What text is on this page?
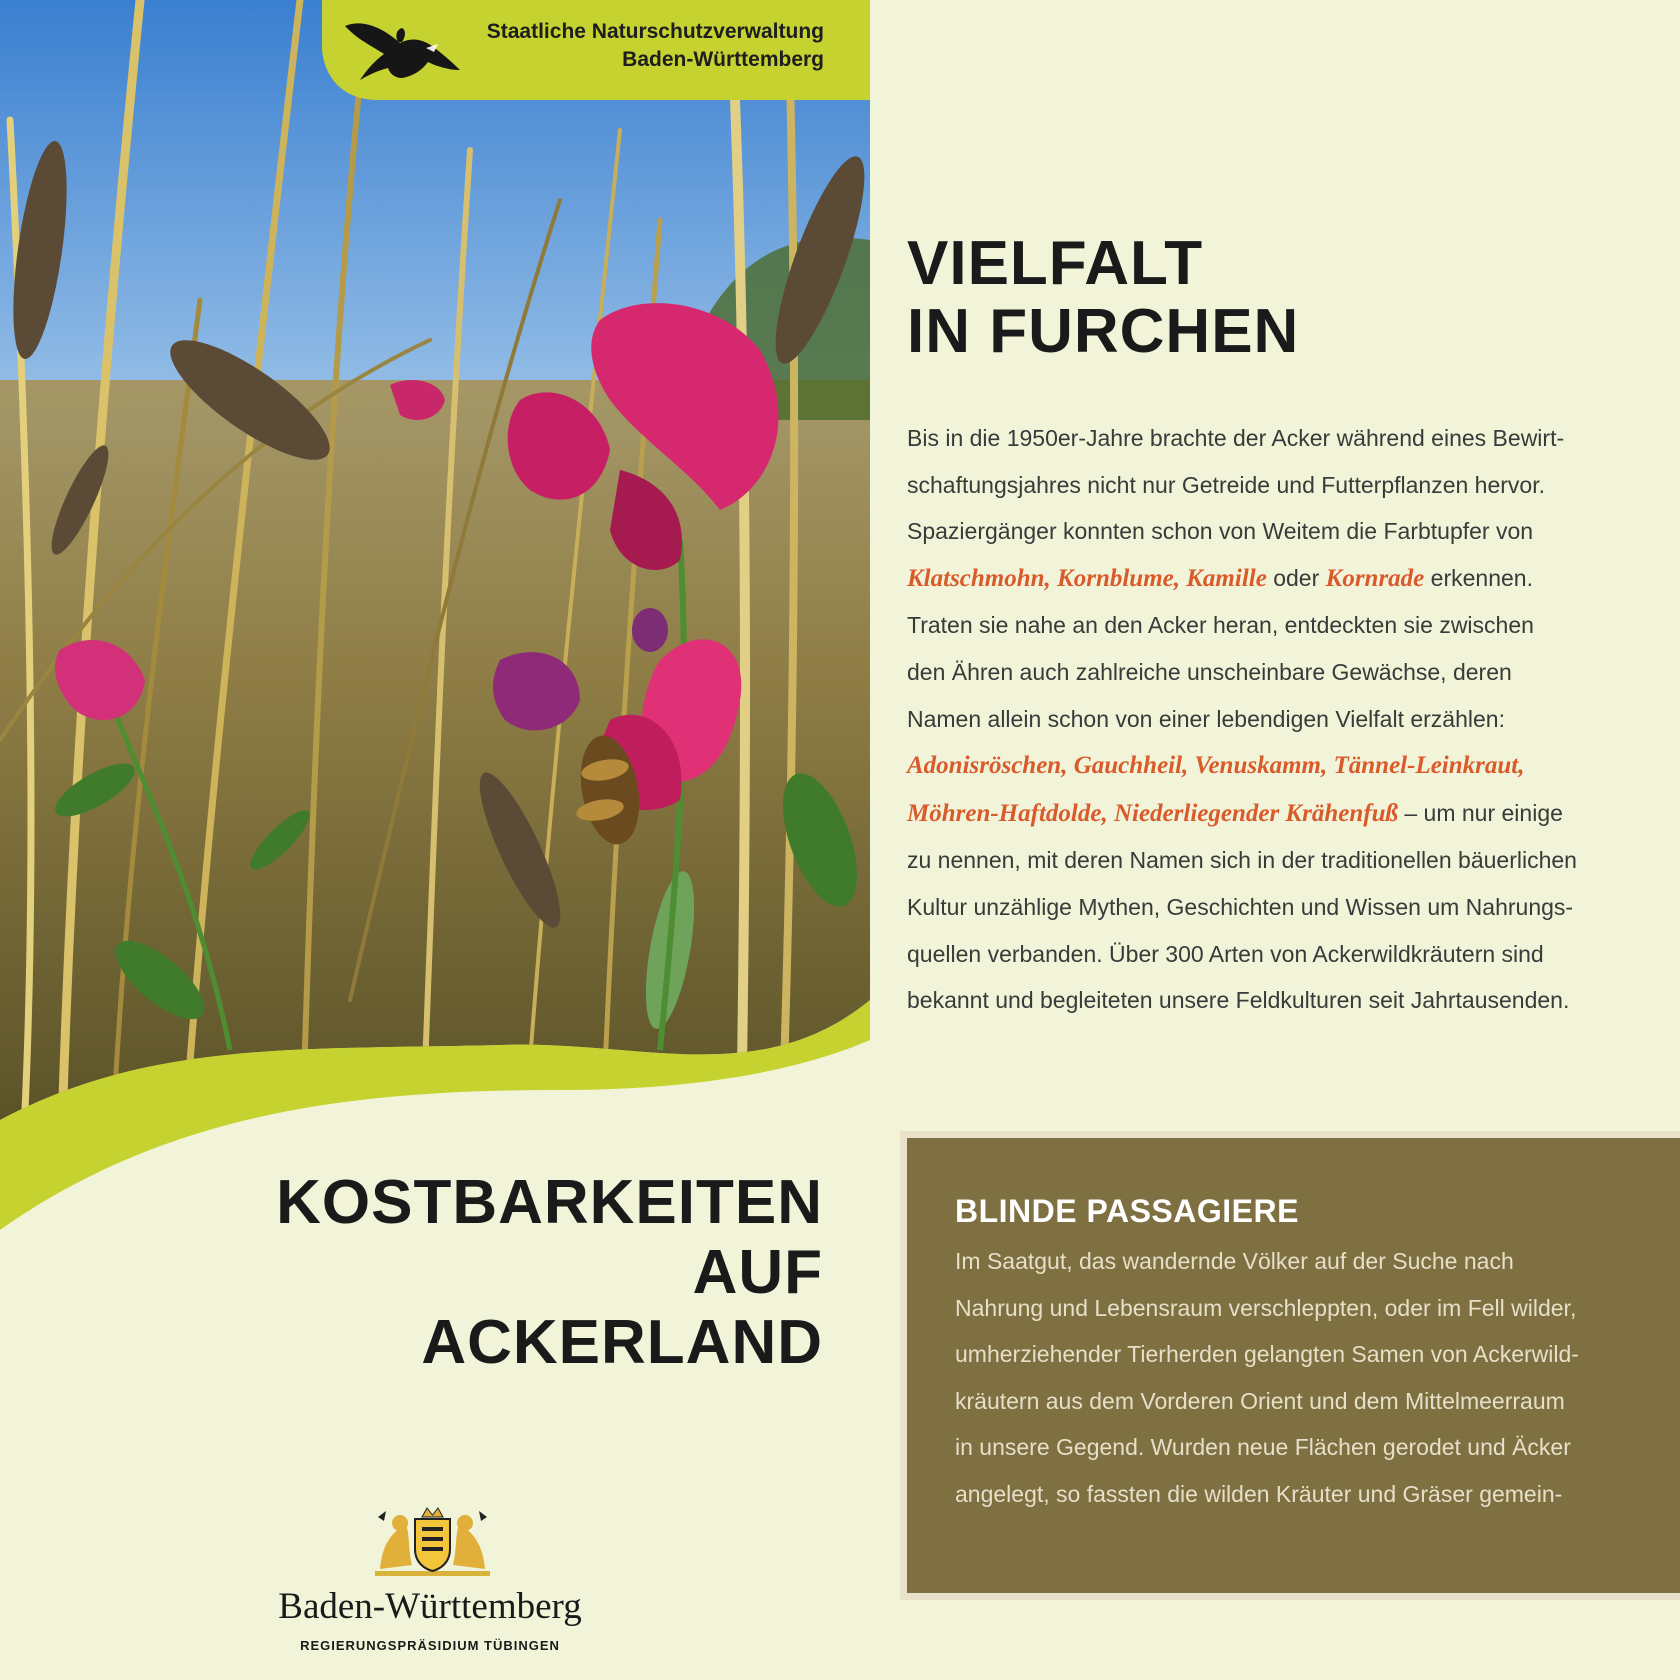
Staatliche Naturschutzverwaltung
Baden-Württemberg
VIELFALT
IN FURCHEN
Bis in die 1950er-Jahre brachte der Acker während eines Bewirt-
schaftungsjahres nicht nur Getreide und Futterpflanzen hervor.
Spaziergänger konnten schon von Weitem die Farbtupfer von
Klatschmohn, Kornblume, Kamille oder Kornrade erkennen.
Traten sie nahe an den Acker heran, entdeckten sie zwischen
den Ähren auch zahlreiche unscheinbare Gewächse, deren
Namen allein schon von einer lebendigen Vielfalt erzählen:
Adonisröschen, Gauchheil, Venuskamm, Tännel-Leinkraut,
Möhren-Haftdolde, Niederliegender Krähenfuß – um nur einige
zu nennen, mit deren Namen sich in der traditionellen bäuerlichen
Kultur unzählige Mythen, Geschichten und Wissen um Nahrungs-
quellen verbanden. Über 300 Arten von Ackerwildkräutern sind
bekannt und begleiteten unsere Feldkulturen seit Jahrtausenden.
KOSTBARKEITEN
AUF
ACKERLAND
Baden-Württemberg
REGIERUNGSPRÄSIDIUM TÜBINGEN
BLINDE PASSAGIERE
Im Saatgut, das wandernde Völker auf der Suche nach
Nahrung und Lebensraum verschleppten, oder im Fell wilder,
umherziehender Tierherden gelangten Samen von Ackerwild-
kräutern aus dem Vorderen Orient und dem Mittelmeerraum
in unsere Gegend. Wurden neue Flächen gerodet und Äcker
angelegt, so fassten die wilden Kräuter und Gräser gemein-
